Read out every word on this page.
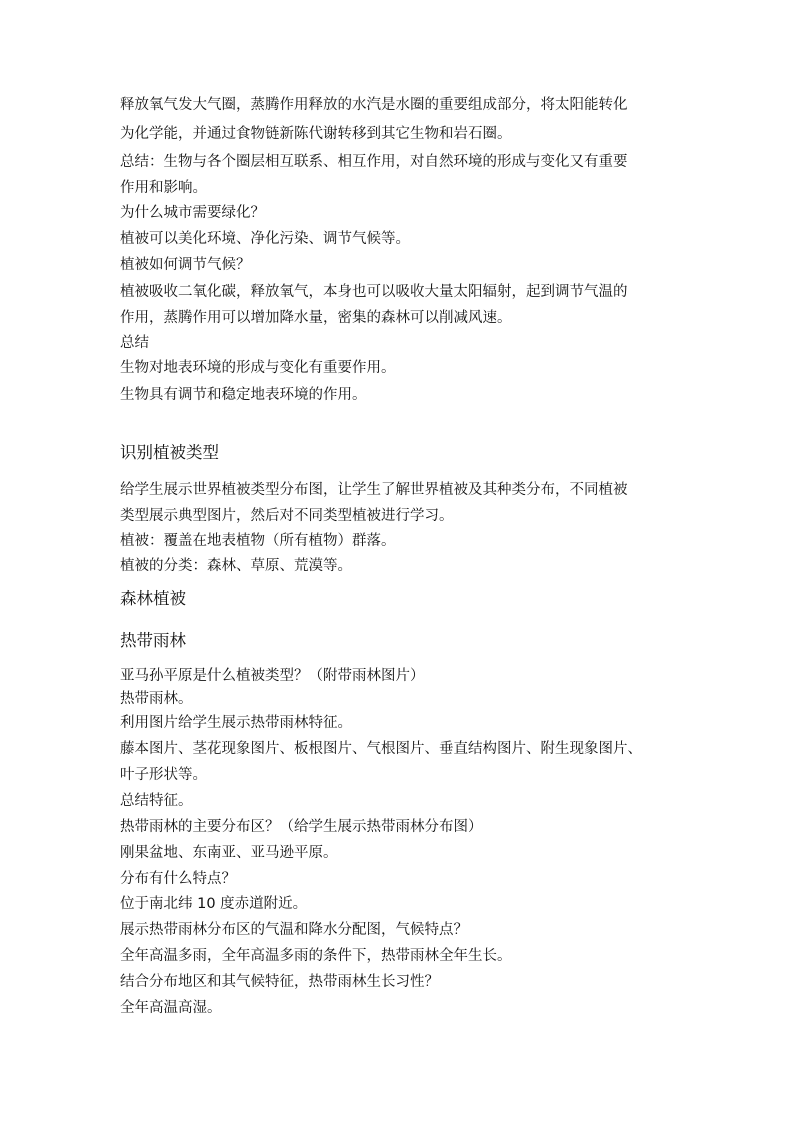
释放氧气发大气圈，蒸腾作用释放的水汽是水圈的重要组成部分，将太阳能转化
为化学能，并通过食物链新陈代谢转移到其它生物和岩石圈。
总结：生物与各个圈层相互联系、相互作用，对自然环境的形成与变化又有重要
作用和影响。
为什么城市需要绿化？
植被可以美化环境、净化污染、调节气候等。
植被如何调节气候？
植被吸收二氧化碳，释放氧气，本身也可以吸收大量太阳辐射，起到调节气温的
作用，蒸腾作用可以增加降水量，密集的森林可以削减风速。
总结
生物对地表环境的形成与变化有重要作用。
生物具有调节和稳定地表环境的作用。
识别植被类型
给学生展示世界植被类型分布图，让学生了解世界植被及其种类分布，不同植被
类型展示典型图片，然后对不同类型植被进行学习。
植被：覆盖在地表植物（所有植物）群落。
植被的分类：森林、草原、荒漠等。
森林植被
热带雨林
亚马孙平原是什么植被类型？（附带雨林图片）
热带雨林。
利用图片给学生展示热带雨林特征。
藤本图片、茎花现象图片、板根图片、气根图片、垂直结构图片、附生现象图片、
叶子形状等。
总结特征。
热带雨林的主要分布区？（给学生展示热带雨林分布图）
刚果盆地、东南亚、亚马逊平原。
分布有什么特点？
位于南北纬 10 度赤道附近。
展示热带雨林分布区的气温和降水分配图，气候特点？
全年高温多雨，全年高温多雨的条件下，热带雨林全年生长。
结合分布地区和其气候特征，热带雨林生长习性？
全年高温高湿。
